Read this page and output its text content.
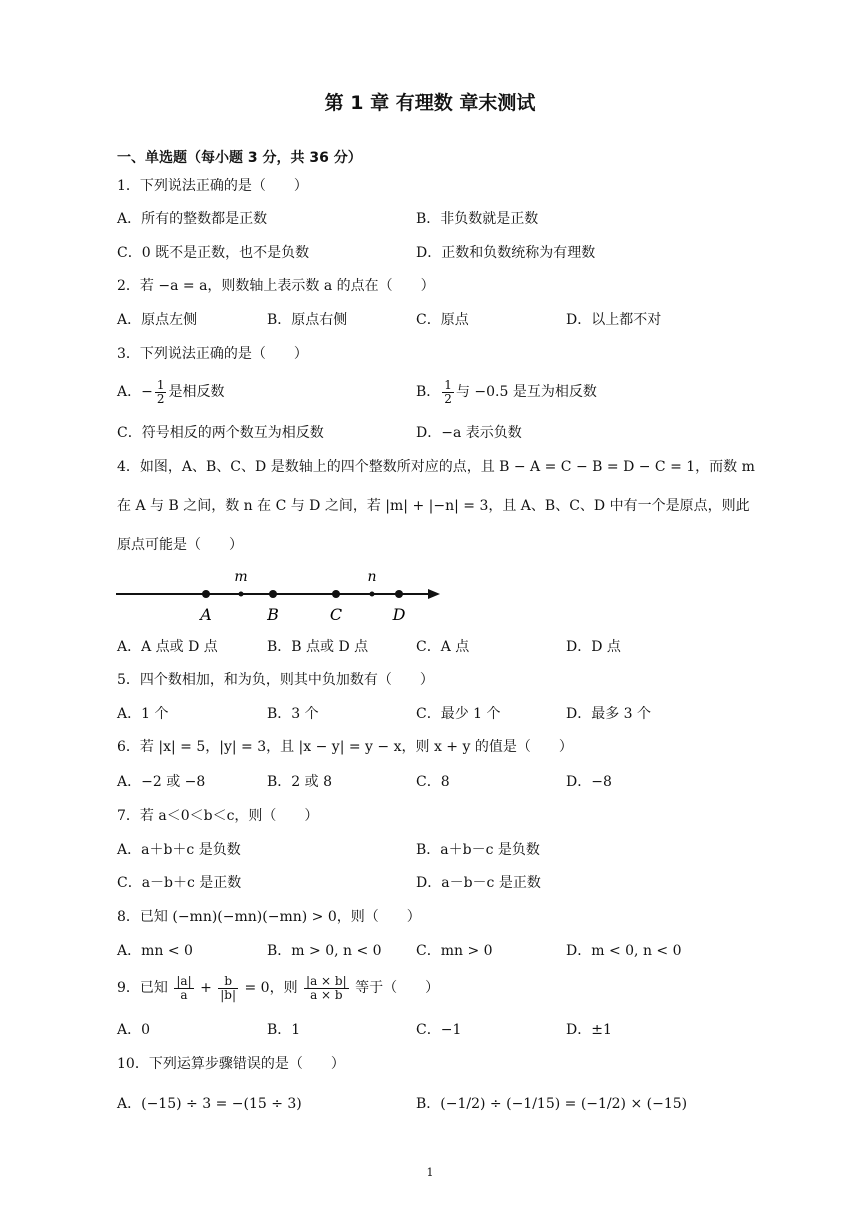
第 1 章 有理数 章末测试
一、单选题（每小题 3 分，共 36 分）
1．下列说法正确的是（　　）
A．所有的整数都是正数	B．非负数就是正数
C．0 既不是正数，也不是负数	D．正数和负数统称为有理数
2．若 −a = a，则数轴上表示数 a 的点在（　　）
A．原点左侧	B．原点右侧	C．原点	D．以上都不对
3．下列说法正确的是（　　）
A．− $\frac{1}{2}$ 是相反数	B． $\frac{1}{2}$ 与 −0.5 是互为相反数
C．符号相反的两个数互为相反数	D．−a 表示负数
4．如图，A、B、C、D 是数轴上的四个整数所对应的点，且 B − A = C − B = D − C = 1，而数 m
在 A 与 B 之间，数 n 在 C 与 D 之间，若 |m| + |−n| = 3，且 A、B、C、D 中有一个是原点，则此
原点可能是（　　）
A	B	C	D
m	n
A．A 点或 D 点	B．B 点或 D 点	C．A 点	D．D 点
5．四个数相加，和为负，则其中负加数有（　　）
A．1 个	B．3 个	C．最少 1 个	D．最多 3 个
6．若 |x| = 5，|y| = 3，且 |x − y| = y − x，则 x + y 的值是（　　）
A．−2 或 −8	B．2 或 8	C．8	D．−8
7．若 a＜0＜b＜c，则（　　）
A．a＋b＋c 是负数	B．a＋b－c 是负数
C．a－b＋c 是正数	D．a－b－c 是正数
8．已知 (−mn)(−mn)(−mn) > 0，则（　　）
A．mn < 0	B．m > 0, n < 0 C．mn > 0	D．m < 0, n < 0
9．已知 $\frac{|a|}{a} + \frac{b}{|b|} = 0$，则 $\frac{|a \times b|}{a \times b}$ 等于（　　）
A．0	B．1	C．−1	D．±1
10．下列运算步骤错误的是（　　）
A．(−15) ÷ 3 = −(15 ÷ 3)	B．(−1/2) ÷ (−1/15) = (−1/2) × (−15)
1
